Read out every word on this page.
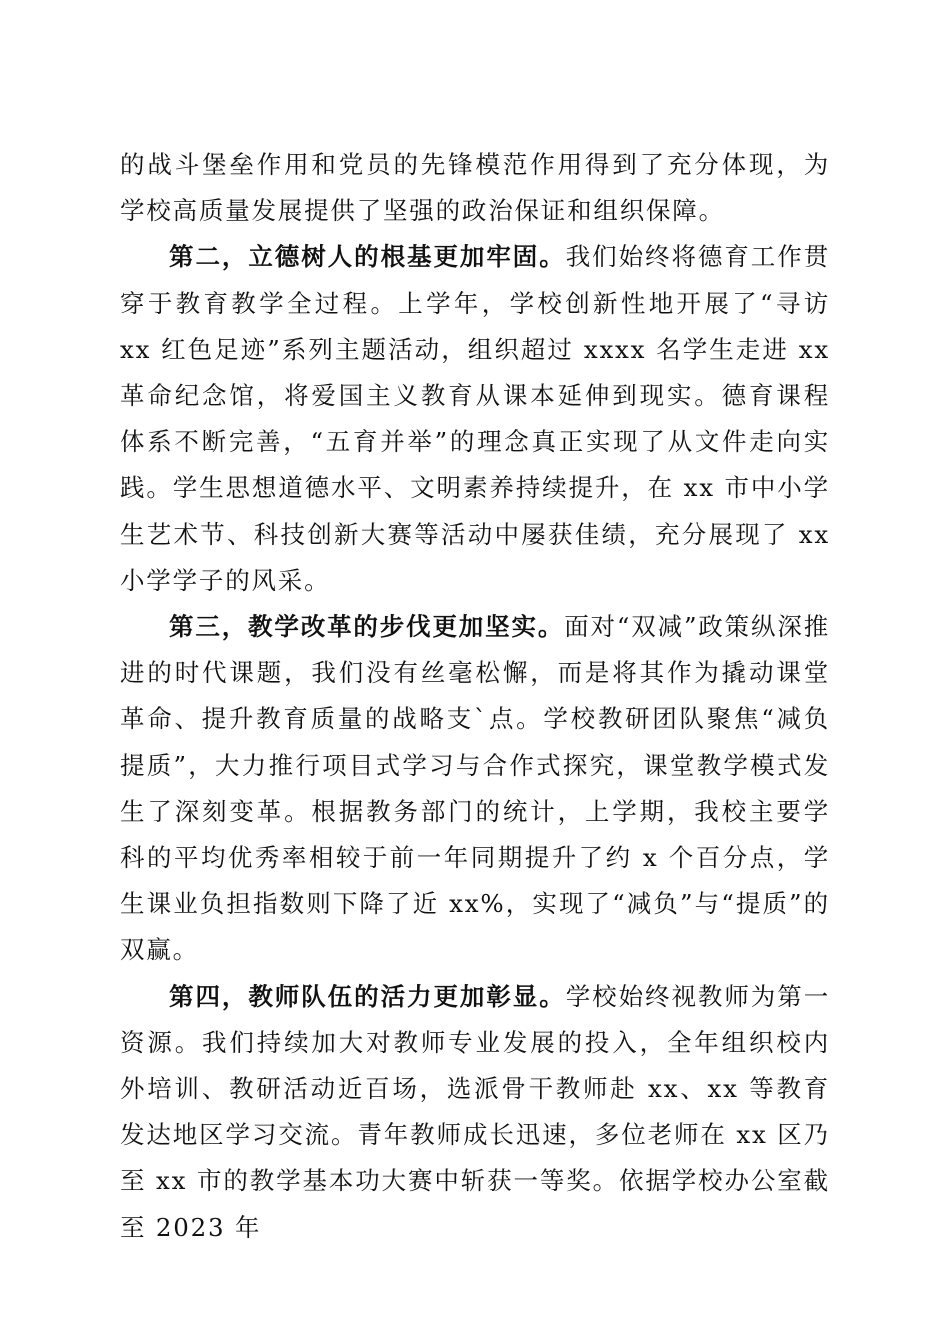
的战斗堡垒作用和党员的先锋模范作用得到了充分体现，为学校高质量发展提供了坚强的政治保证和组织保障。

第二，立德树人的根基更加牢固。我们始终将德育工作贯穿于教育教学全过程。上学年，学校创新性地开展了“寻访 xx 红色足迹”系列主题活动，组织超过 xxxx 名学生走进 xx 革命纪念馆，将爱国主义教育从课本延伸到现实。德育课程体系不断完善，“五育并举”的理念真正实现了从文件走向实践。学生思想道德水平、文明素养持续提升，在 xx 市中小学生艺术节、科技创新大赛等活动中屡获佳绩，充分展现了 xx 小学学子的风采。

第三，教学改革的步伐更加坚实。面对“双减”政策纵深推进的时代课题，我们没有丝毫松懈，而是将其作为撬动课堂革命、提升教育质量的战略支`点。学校教研团队聚焦“减负提质”，大力推行项目式学习与合作式探究，课堂教学模式发生了深刻变革。根据教务部门的统计，上学期，我校主要学科的平均优秀率相较于前一年同期提升了约 x 个百分点，学生课业负担指数则下降了近 xx%，实现了“减负”与“提质”的双赢。

第四，教师队伍的活力更加彰显。学校始终视教师为第一资源。我们持续加大对教师专业发展的投入，全年组织校内外培训、教研活动近百场，选派骨干教师赴 xx、xx 等教育发达地区学习交流。青年教师成长迅速，多位老师在 xx 区乃至 xx 市的教学基本功大赛中斩获一等奖。依据学校办公室截至 2023 年
